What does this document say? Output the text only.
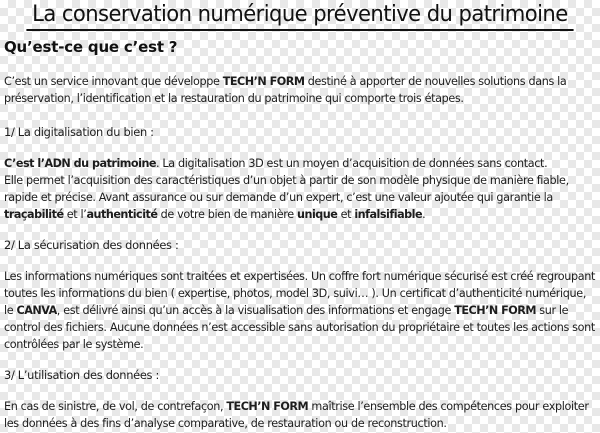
La conservation numérique préventive du patrimoine
Qu’est-ce que c’est ?

C’est un service innovant que développe TECH’N FORM destiné à apporter de nouvelles solutions dans la préservation, l’identification et la restauration du patrimoine qui comporte trois étapes.

1/ La digitalisation du bien :

C’est l’ADN du patrimoine. La digitalisation 3D est un moyen d’acquisition de données sans contact.
Elle permet l’acquisition des caractéristiques d’un objet à partir de son modèle physique de manière fiable, rapide et précise. Avant assurance ou sur demande d’un expert, c’est une valeur ajoutée qui garantie la traçabilité et l’authenticité de votre bien de manière unique et infalsifiable.

2/ La sécurisation des données :

Les informations numériques sont traitées et expertisées. Un coffre fort numérique sécurisé est créé regroupant toutes les informations du bien ( expertise, photos, model 3D, suivi… ). Un certificat d’authenticité numérique, le CANVA, est délivré ainsi qu’un accès à la visualisation des informations et engage TECH’N FORM sur le control des fichiers. Aucune données n’est accessible sans autorisation du propriétaire et toutes les actions sont contrôlées par le système.

3/ L’utilisation des données :

En cas de sinistre, de vol, de contrefaçon, TECH’N FORM maîtrise l’ensemble des compétences pour exploiter les données à des fins d’analyse comparative, de restauration ou de reconstruction.
